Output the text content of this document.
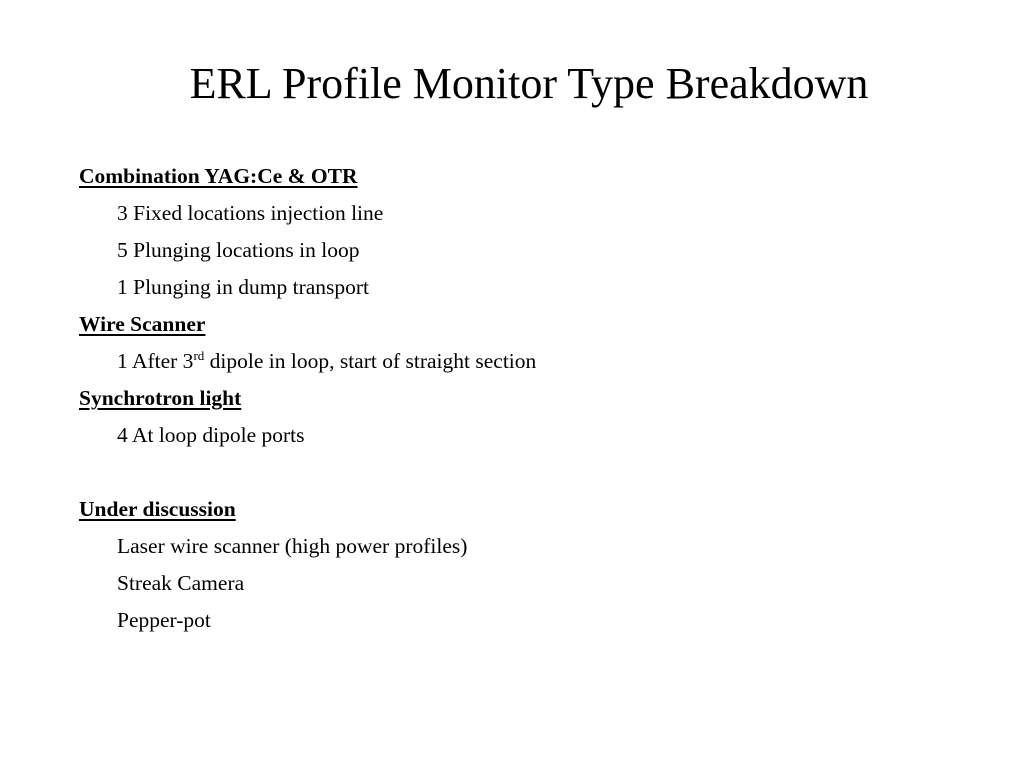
ERL Profile Monitor Type Breakdown
Combination YAG:Ce & OTR
3 Fixed locations injection line
5 Plunging locations in loop
1 Plunging in dump transport
Wire Scanner
1 After 3rd dipole in loop, start of straight section
Synchrotron light
4 At loop dipole ports
Under discussion
Laser wire scanner (high power profiles)
Streak Camera
Pepper-pot
